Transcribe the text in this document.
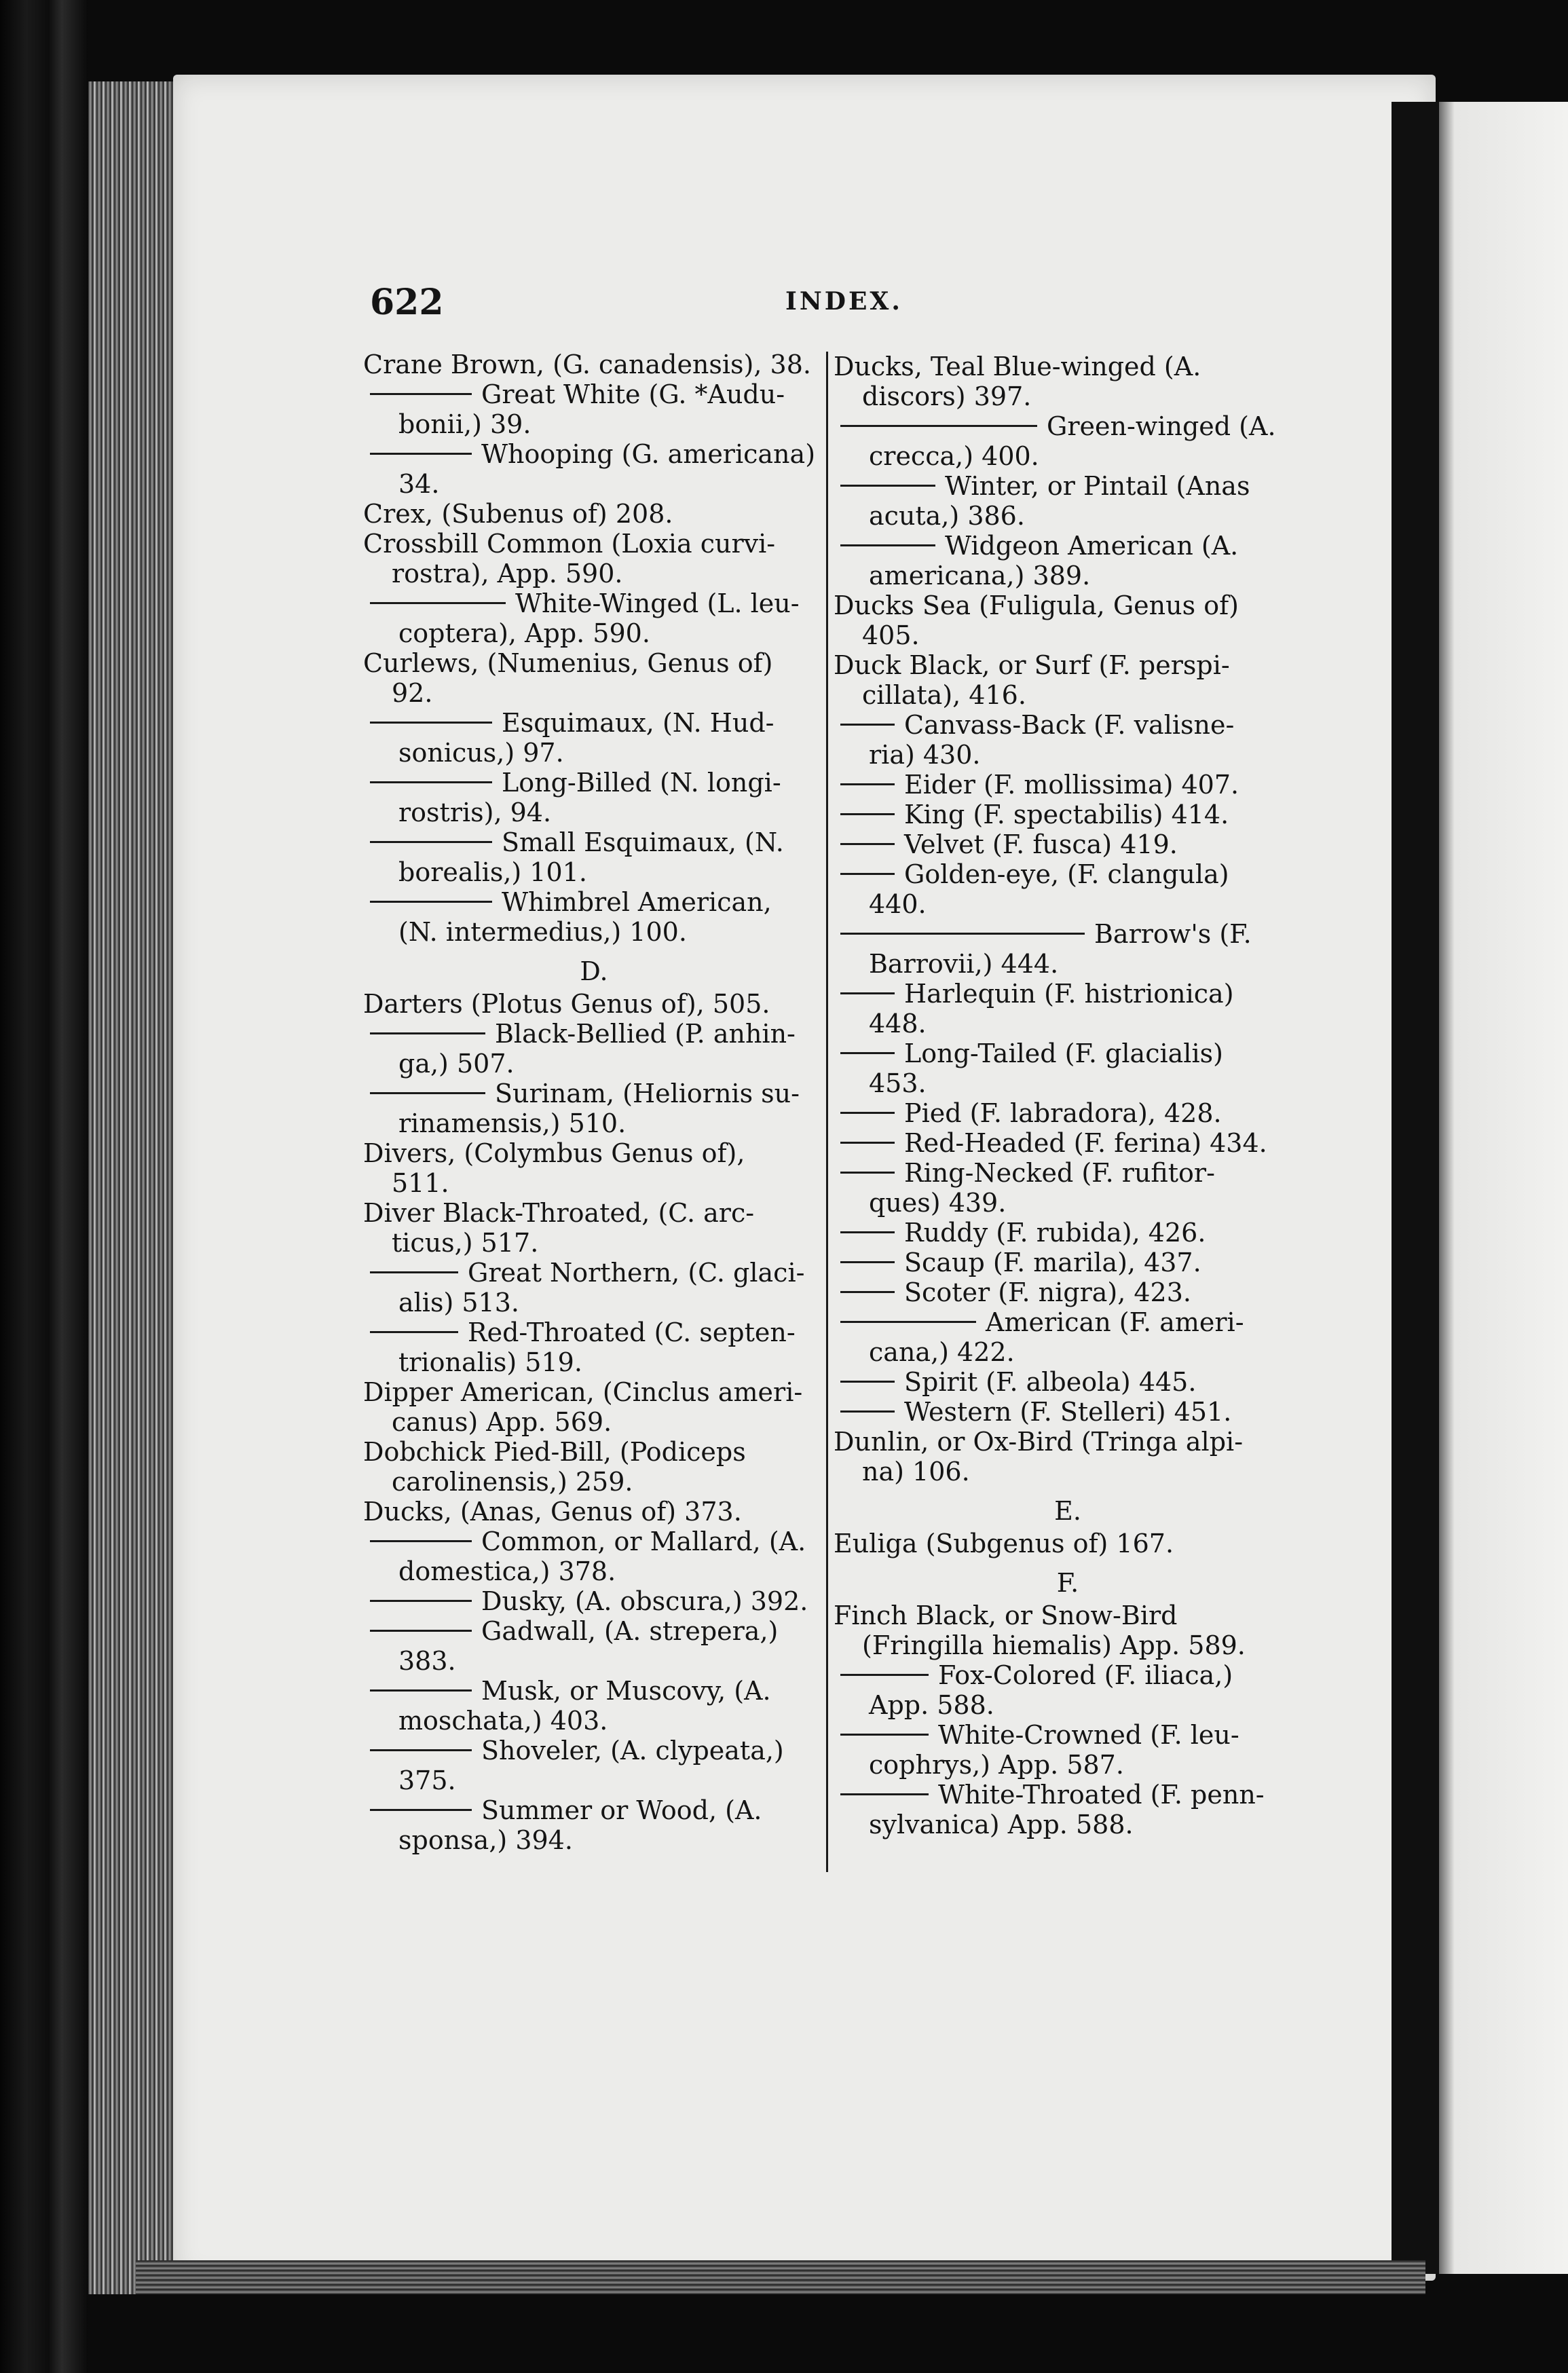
622	INDEX.
Crane Brown, (G. canadensis), 38.
Great White (G. *Audu-
bonii,) 39.
Whooping (G. americana)
34.
Crex, (Subenus of) 208.
Crossbill Common (Loxia curvi-
rostra), App. 590.
White-Winged (L. leu-
coptera), App. 590.
Curlews, (Numenius, Genus of)
92.
Esquimaux, (N. Hud-
sonicus,) 97.
Long-Billed (N. longi-
rostris), 94.
Small Esquimaux, (N.
borealis,) 101.
Whimbrel American,
(N. intermedius,) 100.
D.
Darters (Plotus Genus of), 505.
Black-Bellied (P. anhin-
ga,) 507.
Surinam, (Heliornis su-
rinamensis,) 510.
Divers, (Colymbus Genus of),
511.
Diver Black-Throated, (C. arc-
ticus,) 517.
Great Northern, (C. glaci-
alis) 513.
Red-Throated (C. septen-
trionalis) 519.
Dipper American, (Cinclus ameri-
canus) App. 569.
Dobchick Pied-Bill, (Podiceps
carolinensis,) 259.
Ducks, (Anas, Genus of) 373.
Common, or Mallard, (A.
domestica,) 378.
Dusky, (A. obscura,) 392.
Gadwall, (A. strepera,)
383.
Musk, or Muscovy, (A.
moschata,) 403.
Shoveler, (A. clypeata,)
375.
Summer or Wood, (A.
sponsa,) 394.
Ducks, Teal Blue-winged (A.
discors) 397.
Green-winged (A.
crecca,) 400.
Winter, or Pintail (Anas
acuta,) 386.
Widgeon American (A.
americana,) 389.
Ducks Sea (Fuligula, Genus of)
405.
Duck Black, or Surf (F. perspi-
cillata), 416.
Canvass-Back (F. valisne-
ria) 430.
Eider (F. mollissima) 407.
King (F. spectabilis) 414.
Velvet (F. fusca) 419.
Golden-eye, (F. clangula)
440.
Barrow's (F.
Barrovii,) 444.
Harlequin (F. histrionica)
448.
Long-Tailed (F. glacialis)
453.
Pied (F. labradora), 428.
Red-Headed (F. ferina) 434.
Ring-Necked (F. rufitor-
ques) 439.
Ruddy (F. rubida), 426.
Scaup (F. marila), 437.
Scoter (F. nigra), 423.
American (F. ameri-
cana,) 422.
Spirit (F. albeola) 445.
Western (F. Stelleri) 451.
Dunlin, or Ox-Bird (Tringa alpi-
na) 106.
E.
Euliga (Subgenus of) 167.
F.
Finch Black, or Snow-Bird
(Fringilla hiemalis) App. 589.
Fox-Colored (F. iliaca,)
App. 588.
White-Crowned (F. leu-
cophrys,) App. 587.
White-Throated (F. penn-
sylvanica) App. 588.
